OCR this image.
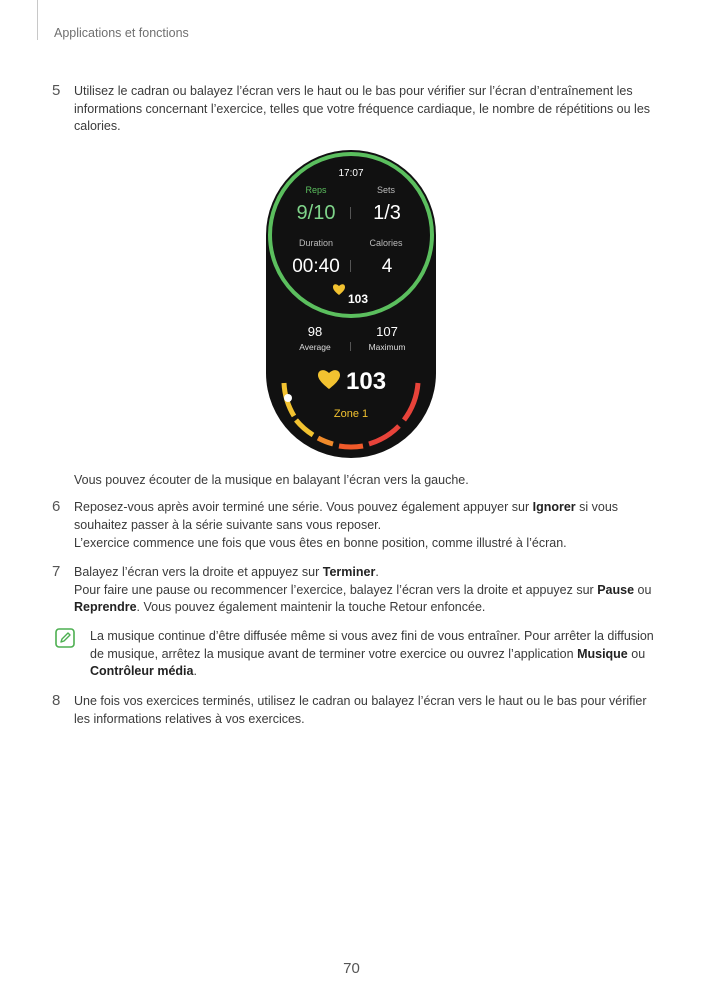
Applications et fonctions
5 Utilisez le cadran ou balayez l’écran vers le haut ou le bas pour vérifier sur l’écran d’entraînement les informations concernant l’exercice, telles que votre fréquence cardiaque, le nombre de répétitions ou les calories.

17:07
Reps	Sets
9/10 1/3
Duration	Calories
00:40 4
103
98	107
Average	Maximum
103
Zone 1
Vous pouvez écouter de la musique en balayant l’écran vers la gauche.
6 Reposez-vous après avoir terminé une série. Vous pouvez également appuyer sur Ignorer si vous souhaitez passer à la série suivante sans vous reposer.

L’exercice commence une fois que vous êtes en bonne position, comme illustré à l’écran.

7 Balayez l’écran vers la droite et appuyez sur Terminer.

Pour faire une pause ou recommencer l’exercice, balayez l’écran vers la droite et appuyez sur Pause ou Reprendre. Vous pouvez également maintenir la touche Retour enfoncée.

La musique continue d’être diffusée même si vous avez fini de vous entraîner. Pour arrêter la diffusion de musique, arrêtez la musique avant de terminer votre exercice ou ouvrez l’application Musique ou Contrôleur média.

8 Une fois vos exercices terminés, utilisez le cadran ou balayez l’écran vers le haut ou le bas pour vérifier les informations relatives à vos exercices.

70
